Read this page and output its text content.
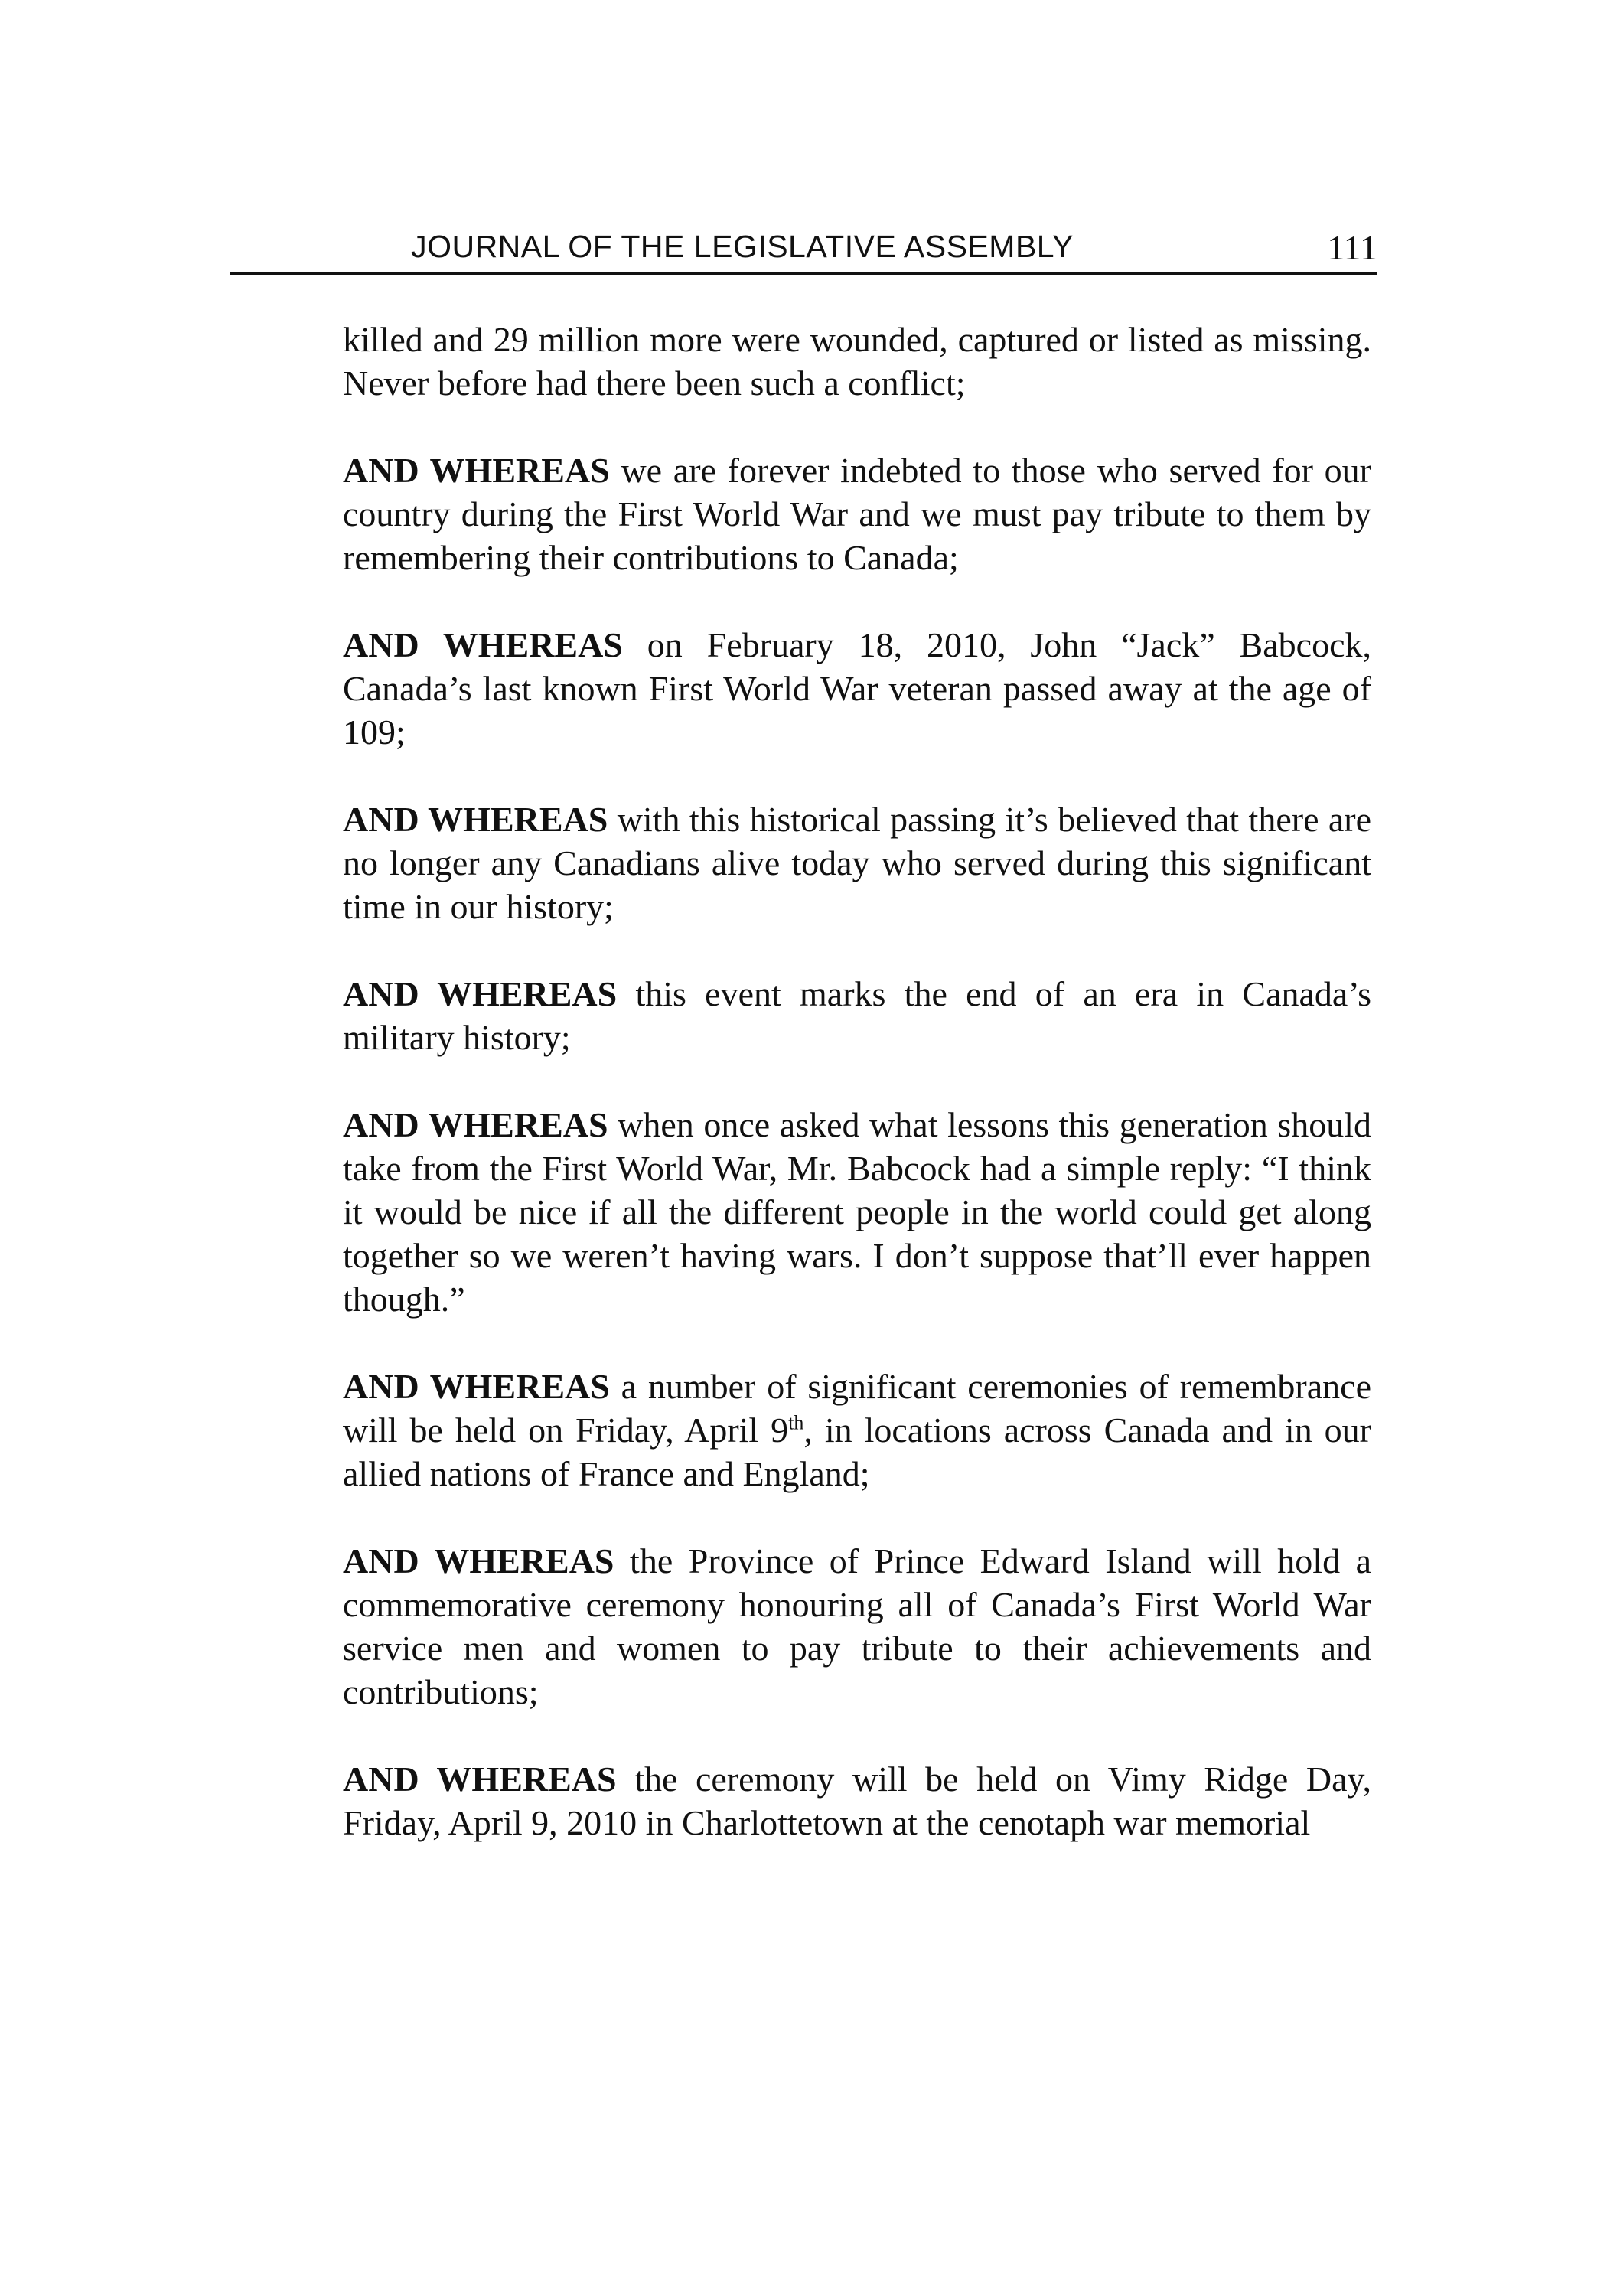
JOURNAL OF THE LEGISLATIVE ASSEMBLY	111

killed and 29 million more were wounded, captured or listed as missing. Never before had there been such a conflict;

AND WHEREAS we are forever indebted to those who served for our country during the First World War and we must pay tribute to them by remembering their contributions to Canada;

AND WHEREAS on February 18, 2010, John “Jack” Babcock, Canada’s last known First World War veteran passed away at the age of 109;

AND WHEREAS with this historical passing it’s believed that there are no longer any Canadians alive today who served during this significant time in our history;

AND WHEREAS this event marks the end of an era in Canada’s military history;

AND WHEREAS when once asked what lessons this generation should take from the First World War, Mr. Babcock had a simple reply: “I think it would be nice if all the different people in the world could get along together so we weren’t having wars. I don’t suppose that’ll ever happen though.”

AND WHEREAS a number of significant ceremonies of remembrance will be held on Friday, April 9th, in locations across Canada and in our allied nations of France and England;

AND WHEREAS the Province of Prince Edward Island will hold a commemorative ceremony honouring all of Canada’s First World War service men and women to pay tribute to their achievements and contributions;

AND WHEREAS the ceremony will be held on Vimy Ridge Day, Friday, April 9, 2010 in Charlottetown at the cenotaph war memorial
